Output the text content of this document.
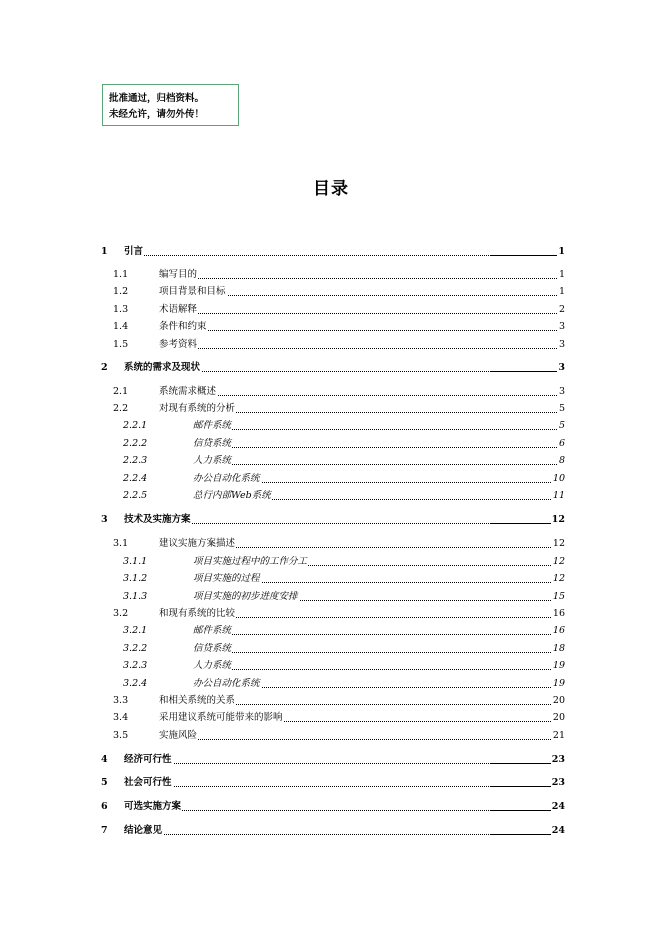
批准通过，归档资料。
未经允许，请勿外传！
目录
1 引言	1
1.1	编写目的	1
1.2	项目背景和目标	1
1.3	术语解释	2
1.4	条件和约束	3
1.5	参考资料	3
2 系统的需求及现状	3
2.1	系统需求概述	3
2.2	对现有系统的分析	5
2.2.1	邮件系统	5
2.2.2	信贷系统	6
2.2.3	人力系统	8
2.2.4	办公自动化系统	10
2.2.5	总行内部Web系统	11
3 技术及实施方案	12
3.1	建议实施方案描述	12
3.1.1	项目实施过程中的工作分工	12
3.1.2	项目实施的过程	12
3.1.3	项目实施的初步进度安排	15
3.2	和现有系统的比较	16
3.2.1	邮件系统	16
3.2.2	信贷系统	18
3.2.3	人力系统	19
3.2.4	办公自动化系统	19
3.3	和相关系统的关系	20
3.4	采用建议系统可能带来的影响	20
3.5	实施风险	21
4 经济可行性	23
5 社会可行性	23
6 可选实施方案	24
7 结论意见	24
